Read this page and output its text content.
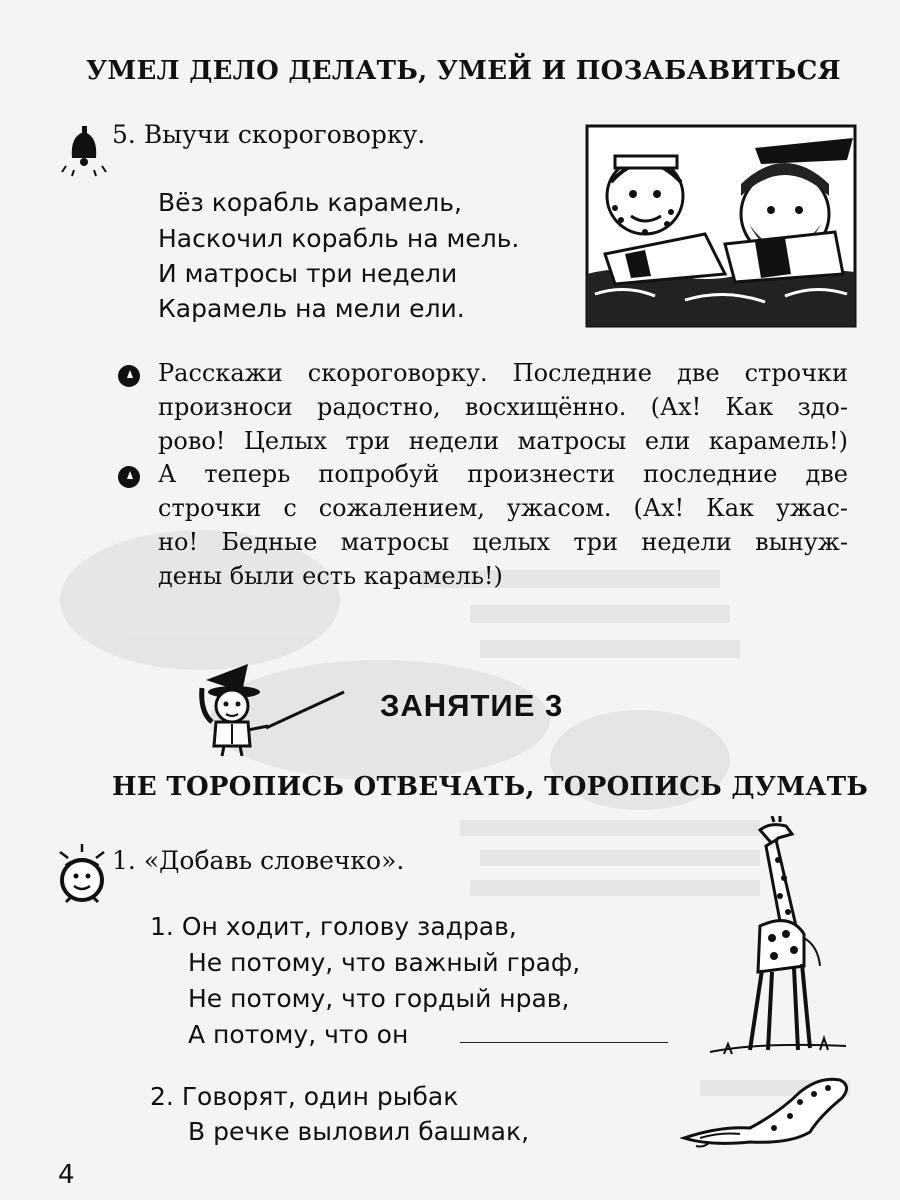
УМЕЛ ДЕЛО ДЕЛАТЬ, УМЕЙ И ПОЗАБАВИТЬСЯ
5. Выучи скороговорку.
Вёз корабль карамель,
Наскочил корабль на мель.
И матросы три недели
Карамель на мели ели.
Расскажи скороговорку. Последние две строчки
произноси радостно, восхищённо. (Ах! Как здо-
рово! Целых три недели матросы ели карамель!)
А теперь попробуй произнести последние две
строчки с сожалением, ужасом. (Ах! Как ужас-
но! Бедные матросы целых три недели вынуж-
дены были есть карамель!)
ЗАНЯТИЕ 3
НЕ ТОРОПИСЬ ОТВЕЧАТЬ, ТОРОПИСЬ ДУМАТЬ
1. «Добавь словечко».
1. Он ходит, голову задрав,
Не потому, что важный граф,
Не потому, что гордый нрав,
А потому, что он
2. Говорят, один рыбак
В речке выловил башмак,
4
